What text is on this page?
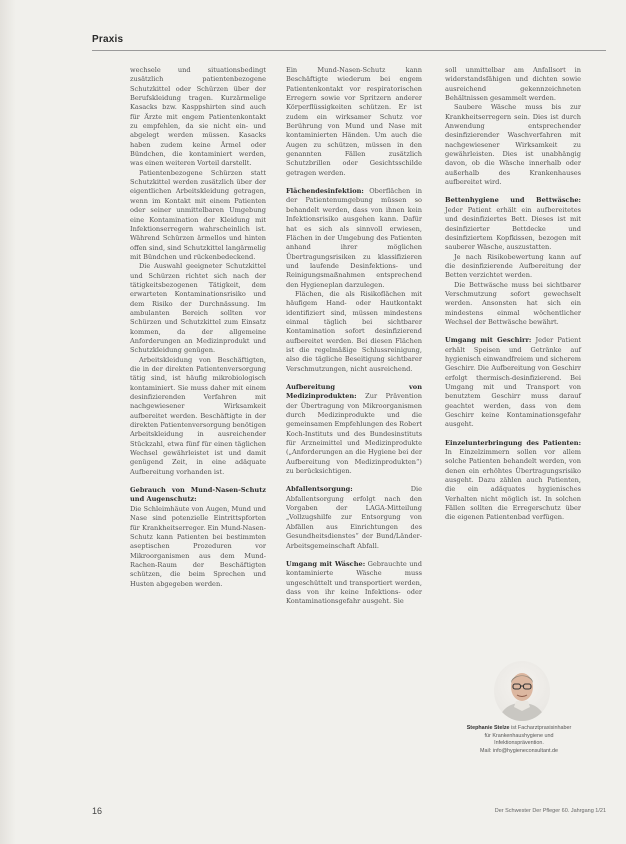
Praxis

wechsele und situationsbedingt zusätzlich patientenbezogene Schutzkittel oder Schürzen über der Berufskleidung tragen. Kurzärmelige Kasacks bzw. Kasppshirten sind auch für Ärzte mit engem Patientenkontakt zu empfehlen, da sie nicht ein- und abgelegt werden müssen. Kasacks haben zudem keine Ärmel oder Bündchen, die kontaminiert werden, was einen weiteren Vorteil darstellt.

Patientenbezogene Schürzen statt Schutzkittel werden zusätzlich über der eigentlichen Arbeitskleidung getragen, wenn im Kontakt mit einem Patienten oder seiner unmittelbaren Umgebung eine Kontamination der Kleidung mit Infektionserregern wahrscheinlich ist. Während Schürzen ärmellos und hinten offen sind, sind Schutzkittel langärmelig mit Bündchen und rückenbedeckend.

Die Auswahl geeigneter Schutzkittel und Schürzen richtet sich nach der tätigkeitsbezogenen Tätigkeit, dem erwarteten Kontaminationsrisiko und dem Risiko der Durchnässung. Im ambulanten Bereich sollten vor Schürzen und Schutzkittel zum Einsatz kommen, da der allgemeine Anforderungen an Medizinprodukt und Schutzkleidung genügen.

Arbeitskleidung von Beschäftigten, die in der direkten Patientenversorgung tätig sind, ist häufig mikrobiologisch kontaminiert. Sie muss daher mit einem desinfizierenden Verfahren mit nachgewiesener Wirksamkeit aufbereitet werden. Beschäftigte in der direkten Patientenversorgung benötigen Arbeitskleidung in ausreichender Stückzahl, etwa fünf für einen täglichen Wechsel gewährleistet ist und damit genügend Zeit, in eine adäquate Aufbereitung vorhanden ist.

Gebrauch von Mund-Nasen-Schutz und Augenschutz:

Die Schleimhäute von Augen, Mund und Nase sind potenzielle Eintrittspforten für Krankheitserreger. Ein Mund-Nasen-Schutz kann Patienten bei bestimmten aseptischen Prozeduren vor Mikroorganismen aus dem Mund-Rachen-Raum der Beschäftigten schützen, die beim Sprechen und Husten abgegeben werden.

Ein Mund-Nasen-Schutz kann Beschäftigte wiederum bei engem Patientenkontakt vor respiratorischen Erregern sowie vor Spritzern anderer Körperflüssigkeiten schützen. Er ist zudem ein wirksamer Schutz vor Berührung von Mund und Nase mit kontaminierten Händen. Um auch die Augen zu schützen, müssen in den genannten Fällen zusätzlich Schutzbrillen oder Gesichtsschilde getragen werden.

Flächendesinfektion: Oberflächen in der Patientenumgebung müssen so behandelt werden, dass von ihnen kein Infektionsrisiko ausgehen kann. Dafür hat es sich als sinnvoll erwiesen, Flächen in der Umgebung des Patienten anhand ihrer möglichen Übertragungsrisiken zu klassifizieren und laufende Desinfektions- und Reinigungsmaßnahmen entsprechend den Hygieneplan darzulegen.

Flächen, die als Risikoflächen mit häufigem Hand- oder Hautkontakt identifiziert sind, müssen mindestens einmal täglich bei sichtbarer Kontamination sofort desinfizierend aufbereitet werden. Bei diesen Flächen ist die regelmäßige Schlussreinigung, also die tägliche Beseitigung sichtbarer Verschmutzungen, nicht ausreichend.

Aufbereitung von Medizinprodukten: Zur Prävention der Übertragung von Mikroorganismen durch Medizinprodukte und die gemeinsamen Empfehlungen des Robert Koch-Instituts und des Bundesinstituts für Arzneimittel und Medizinprodukte („Anforderungen an die Hygiene bei der Aufbereitung von Medizinprodukten“) zu berücksichtigen.

Abfallentsorgung:	Die Abfallentsorgung erfolgt nach den Vorgaben der LAGA-Mitteilung „Vollzugshilfe zur Entsorgung von Abfällen aus Einrichtungen des Gesundheitsdienstes“ der Bund/Länder-Arbeitsgemeinschaft Abfall.

Umgang mit Wäsche: Gebrauchte und kontaminierte Wäsche muss ungeschüttelt und transportiert werden, dass von ihr keine Infektions- oder Kontaminationsgefahr ausgeht. Sie

soll unmittelbar am Anfallsort in widerstandsfähigen und dichten sowie ausreichend gekennzeichneten Behältnissen gesammelt werden.

Saubere Wäsche muss bis zur Krankheitserregern sein. Dies ist durch Anwendung entsprechender desinfizierender Waschverfahren mit nachgewiesener Wirksamkeit zu gewährleisten. Dies ist unabhängig davon, ob die Wäsche innerhalb oder außerhalb des Krankenhauses aufbereitet wird.

Bettenhygiene und Bettwäsche: Jeder Patient erhält ein aufbereitetes und desinfiziertes Bett. Dieses ist mit desinfizierter Bettdecke und desinfiziertem Kopfkissen, bezogen mit sauberer Wäsche, auszustatten.

Je nach Risikobewertung kann auf die desinfizierende Aufbereitung der Betten verzichtet werden.

Die Bettwäsche muss bei sichtbarer Verschmutzung sofort gewechselt werden. Ansonsten hat sich ein mindestens einmal wöchentlicher Wechsel der Bettwäsche bewährt.

Umgang mit Geschirr: Jeder Patient erhält Speisen und Getränke auf hygienisch einwandfreiem und sicherem Geschirr. Die Aufbereitung von Geschirr erfolgt thermisch-desinfizierend. Bei Umgang mit und Transport von benutztem Geschirr muss darauf geachtet werden, dass von dem Geschirr keine Kontaminationsgefahr ausgeht.

Einzelunterbringung des Patienten: In Einzelzimmern sollen vor allem solche Patienten behandelt werden, von denen ein erhöhtes Übertragungsrisiko ausgeht. Dazu zählen auch Patienten, die ein adäquates hygienisches Verhalten nicht möglich ist. In solchen Fällen sollten die Erregerschutz über die eigenen Patientenbad verfügen.

Stephanie Stelze ist Facharztpraxisinhaber
für Krankenhaushygiene und
Infektionsprävention.
Mail: info@hygieneconsultant.de
16	Der Schwester Der Pfleger 60. Jahrgang 1/21
